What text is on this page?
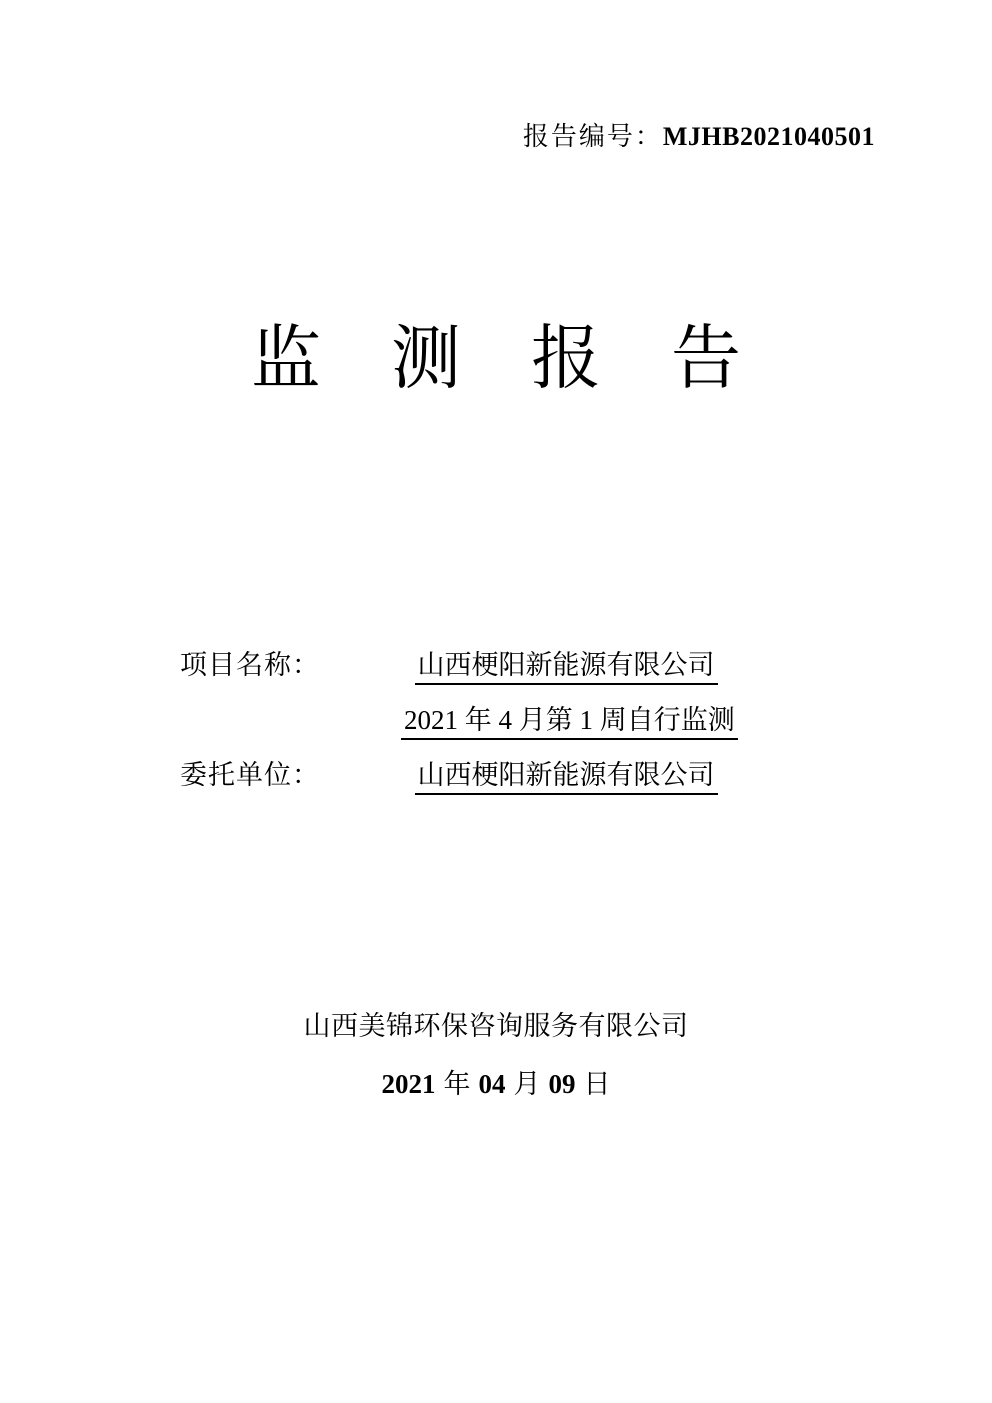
报告编号：MJHB2021040501
监测报告
项目名称：	山西梗阳新能源有限公司
2021 年 4 月第 1 周自行监测
委托单位：	山西梗阳新能源有限公司
山西美锦环保咨询服务有限公司
2021 年 04 月 09 日
